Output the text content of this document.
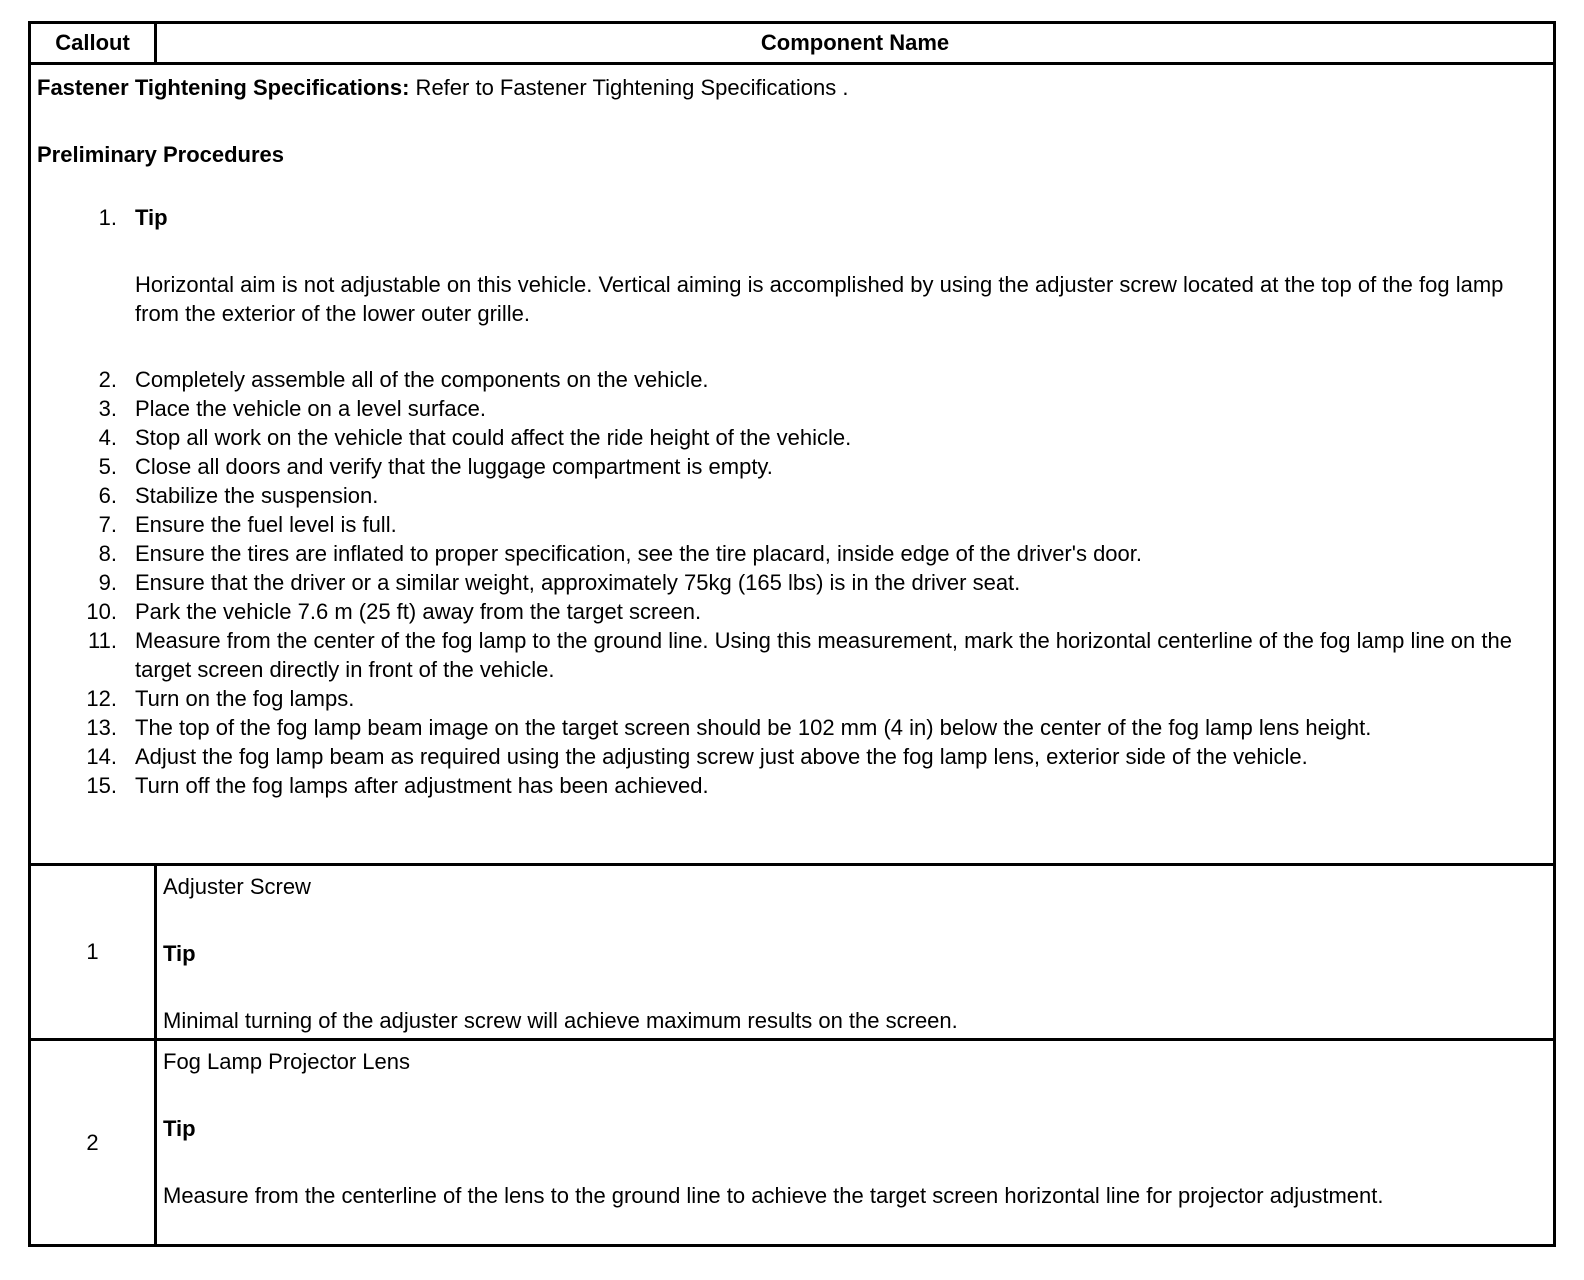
Callout	Component Name

Fastener Tightening Specifications: Refer to Fastener Tightening Specifications .

Preliminary Procedures
1. Tip
Horizontal aim is not adjustable on this vehicle. Vertical aiming is accomplished by using the adjuster screw located at the top of the fog lamp from the exterior of the lower outer grille.
2. Completely assemble all of the components on the vehicle.
3. Place the vehicle on a level surface.
4. Stop all work on the vehicle that could affect the ride height of the vehicle.
5. Close all doors and verify that the luggage compartment is empty.
6. Stabilize the suspension.
7. Ensure the fuel level is full.
8. Ensure the tires are inflated to proper specification, see the tire placard, inside edge of the driver's door.
9. Ensure that the driver or a similar weight, approximately 75kg (165 lbs) is in the driver seat.
10. Park the vehicle 7.6 m (25 ft) away from the target screen.
11. Measure from the center of the fog lamp to the ground line. Using this measurement, mark the horizontal centerline of the fog lamp line on the target screen directly in front of the vehicle.
12. Turn on the fog lamps.
13. The top of the fog lamp beam image on the target screen should be 102 mm (4 in) below the center of the fog lamp lens height.
14. Adjust the fog lamp beam as required using the adjusting screw just above the fog lamp lens, exterior side of the vehicle.
15. Turn off the fog lamps after adjustment has been achieved.
1
Adjuster Screw
Tip
Minimal turning of the adjuster screw will achieve maximum results on the screen.
2
Fog Lamp Projector Lens
Tip
Measure from the centerline of the lens to the ground line to achieve the target screen horizontal line for projector adjustment.
